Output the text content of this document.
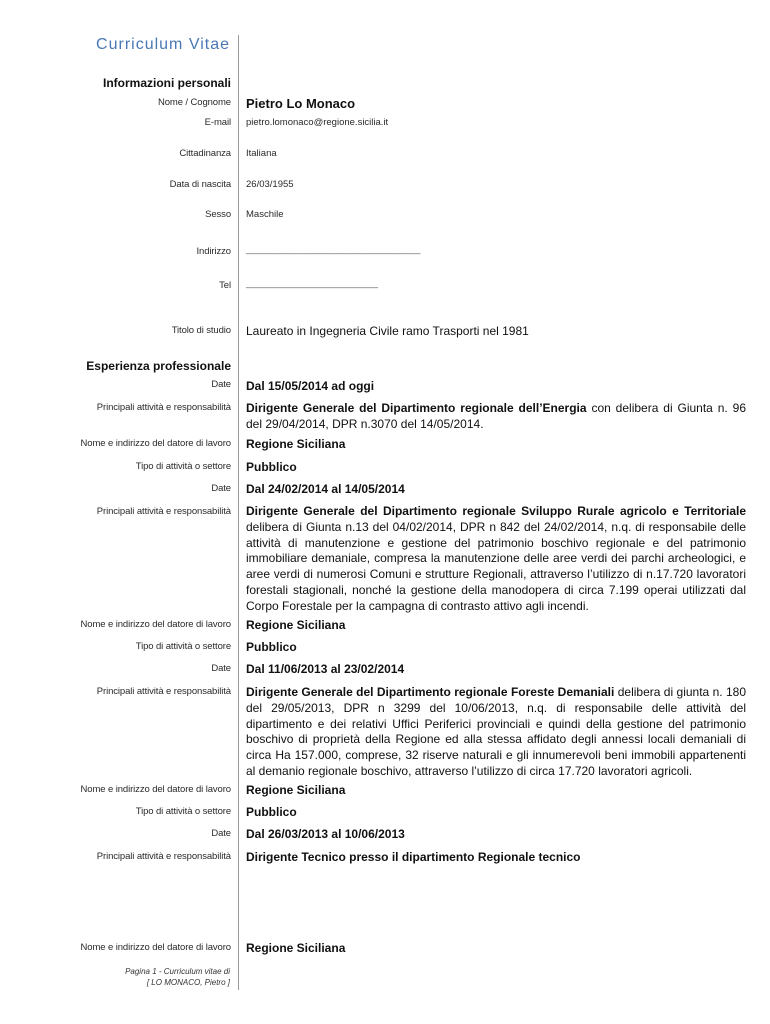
Curriculum Vitae
Informazioni personali
Nome / Cognome Pietro Lo Monaco
E-mail pietro.lomonaco@regione.sicilia.it
Cittadinanza Italiana
Data di nascita 26/03/1955
Sesso Maschile
Indirizzo _________________________________
Tel _________________________
Titolo di studio Laureato in Ingegneria Civile ramo Trasporti nel 1981
Esperienza professionale
Date Dal 15/05/2014 ad oggi
Principali attività e responsabilità Dirigente Generale del Dipartimento regionale dell’Energia con delibera di Giunta n. 96 del 29/04/2014, DPR n.3070 del 14/05/2014.
Nome e indirizzo del datore di lavoro Regione Siciliana
Tipo di attività o settore Pubblico
Date Dal 24/02/2014 al 14/05/2014
Principali attività e responsabilità Dirigente Generale del Dipartimento regionale Sviluppo Rurale agricolo e Territoriale delibera di Giunta n.13 del 04/02/2014, DPR n 842 del 24/02/2014, n.q. di responsabile delle attività di manutenzione e gestione del patrimonio boschivo regionale e del patrimonio immobiliare demaniale, compresa la manutenzione delle aree verdi dei parchi archeologici, e aree verdi di numerosi Comuni e strutture Regionali, attraverso l’utilizzo di n.17.720 lavoratori forestali stagionali, nonché la gestione della manodopera di circa 7.199 operai utilizzati dal Corpo Forestale per la campagna di contrasto attivo agli incendi.
Nome e indirizzo del datore di lavoro Regione Siciliana
Tipo di attività o settore Pubblico
Date Dal 11/06/2013 al 23/02/2014
Principali attività e responsabilità Dirigente Generale del Dipartimento regionale Foreste Demaniali delibera di giunta n. 180 del 29/05/2013, DPR n 3299 del 10/06/2013, n.q. di responsabile delle attività del dipartimento e dei relativi Uffici Periferici provinciali e quindi della gestione del patrimonio boschivo di proprietà della Regione ed alla stessa affidato degli annessi locali demaniali di circa Ha 157.000, comprese, 32 riserve naturali e gli innumerevoli beni immobili appartenenti al demanio regionale boschivo, attraverso l’utilizzo di circa 17.720 lavoratori agricoli.
Nome e indirizzo del datore di lavoro Regione Siciliana
Tipo di attività o settore Pubblico
Date Dal 26/03/2013 al 10/06/2013
Principali attività e responsabilità Dirigente Tecnico presso il dipartimento Regionale tecnico
Nome e indirizzo del datore di lavoro Regione Siciliana
Pagina 1 - Curriculum vitae di
[ LO MONACO, Pietro ]
